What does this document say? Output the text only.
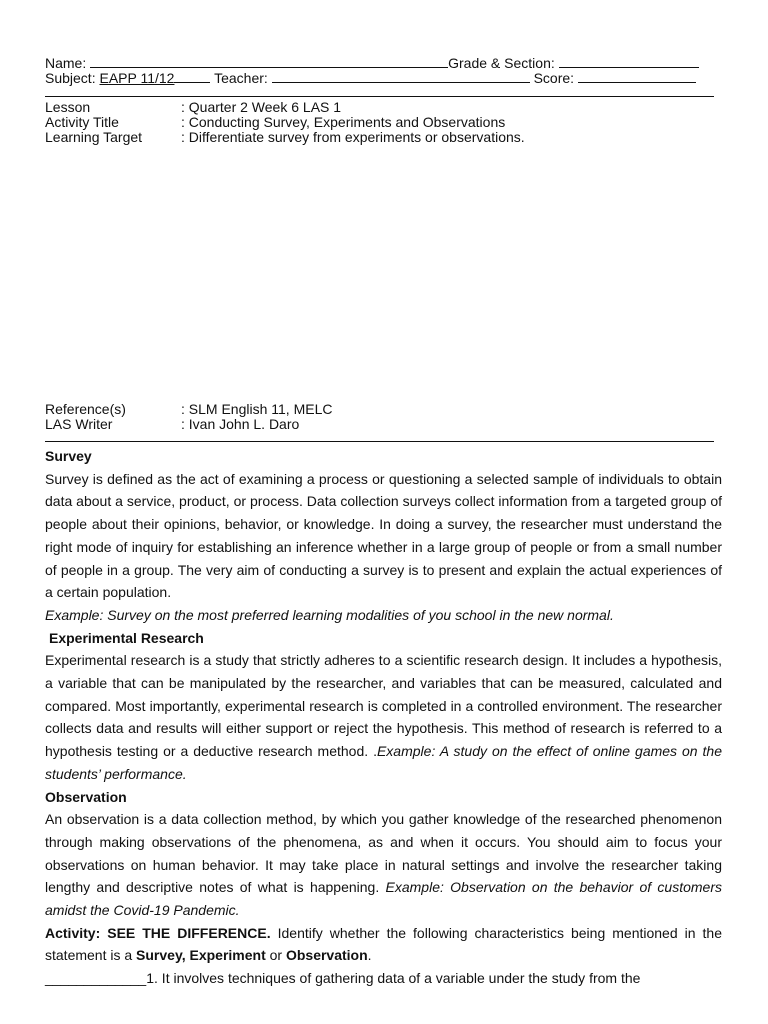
Name:	Grade & Section:
Subject: EAPP 11/12	Teacher:	Score:
Lesson	: Quarter 2 Week 6 LAS 1
Activity Title	: Conducting Survey, Experiments and Observations
Learning Target	: Differentiate survey from experiments or observations.
Reference(s)	: SLM English 11, MELC
LAS Writer	: Ivan John L. Daro

Survey

Survey is defined as the act of examining a process or questioning a selected sample of individuals to obtain data about a service, product, or process. Data collection surveys collect information from a targeted group of people about their opinions, behavior, or knowledge. In doing a survey, the researcher must understand the right mode of inquiry for establishing an inference whether in a large group of people or from a small number of people in a group. The very aim of conducting a survey is to present and explain the actual experiences of a certain population.

Example: Survey on the most preferred learning modalities of you school in the new normal.

Experimental Research

Experimental research is a study that strictly adheres to a scientific research design. It includes a hypothesis, a variable that can be manipulated by the researcher, and variables that can be measured, calculated and compared. Most importantly, experimental research is completed in a controlled environment. The researcher collects data and results will either support or reject the hypothesis. This method of research is referred to a hypothesis testing or a deductive research method. .Example: A study on the effect of online games on the students’ performance.

Observation

An observation is a data collection method, by which you gather knowledge of the researched phenomenon through making observations of the phenomena, as and when it occurs. You should aim to focus your observations on human behavior. It may take place in natural settings and involve the researcher taking lengthy and descriptive notes of what is happening. Example: Observation on the behavior of customers amidst the Covid-19 Pandemic.

Activity: SEE THE DIFFERENCE. Identify whether the following characteristics being mentioned in the statement is a Survey, Experiment or Observation.

_____________1. It involves techniques of gathering data of a variable under the study from the
